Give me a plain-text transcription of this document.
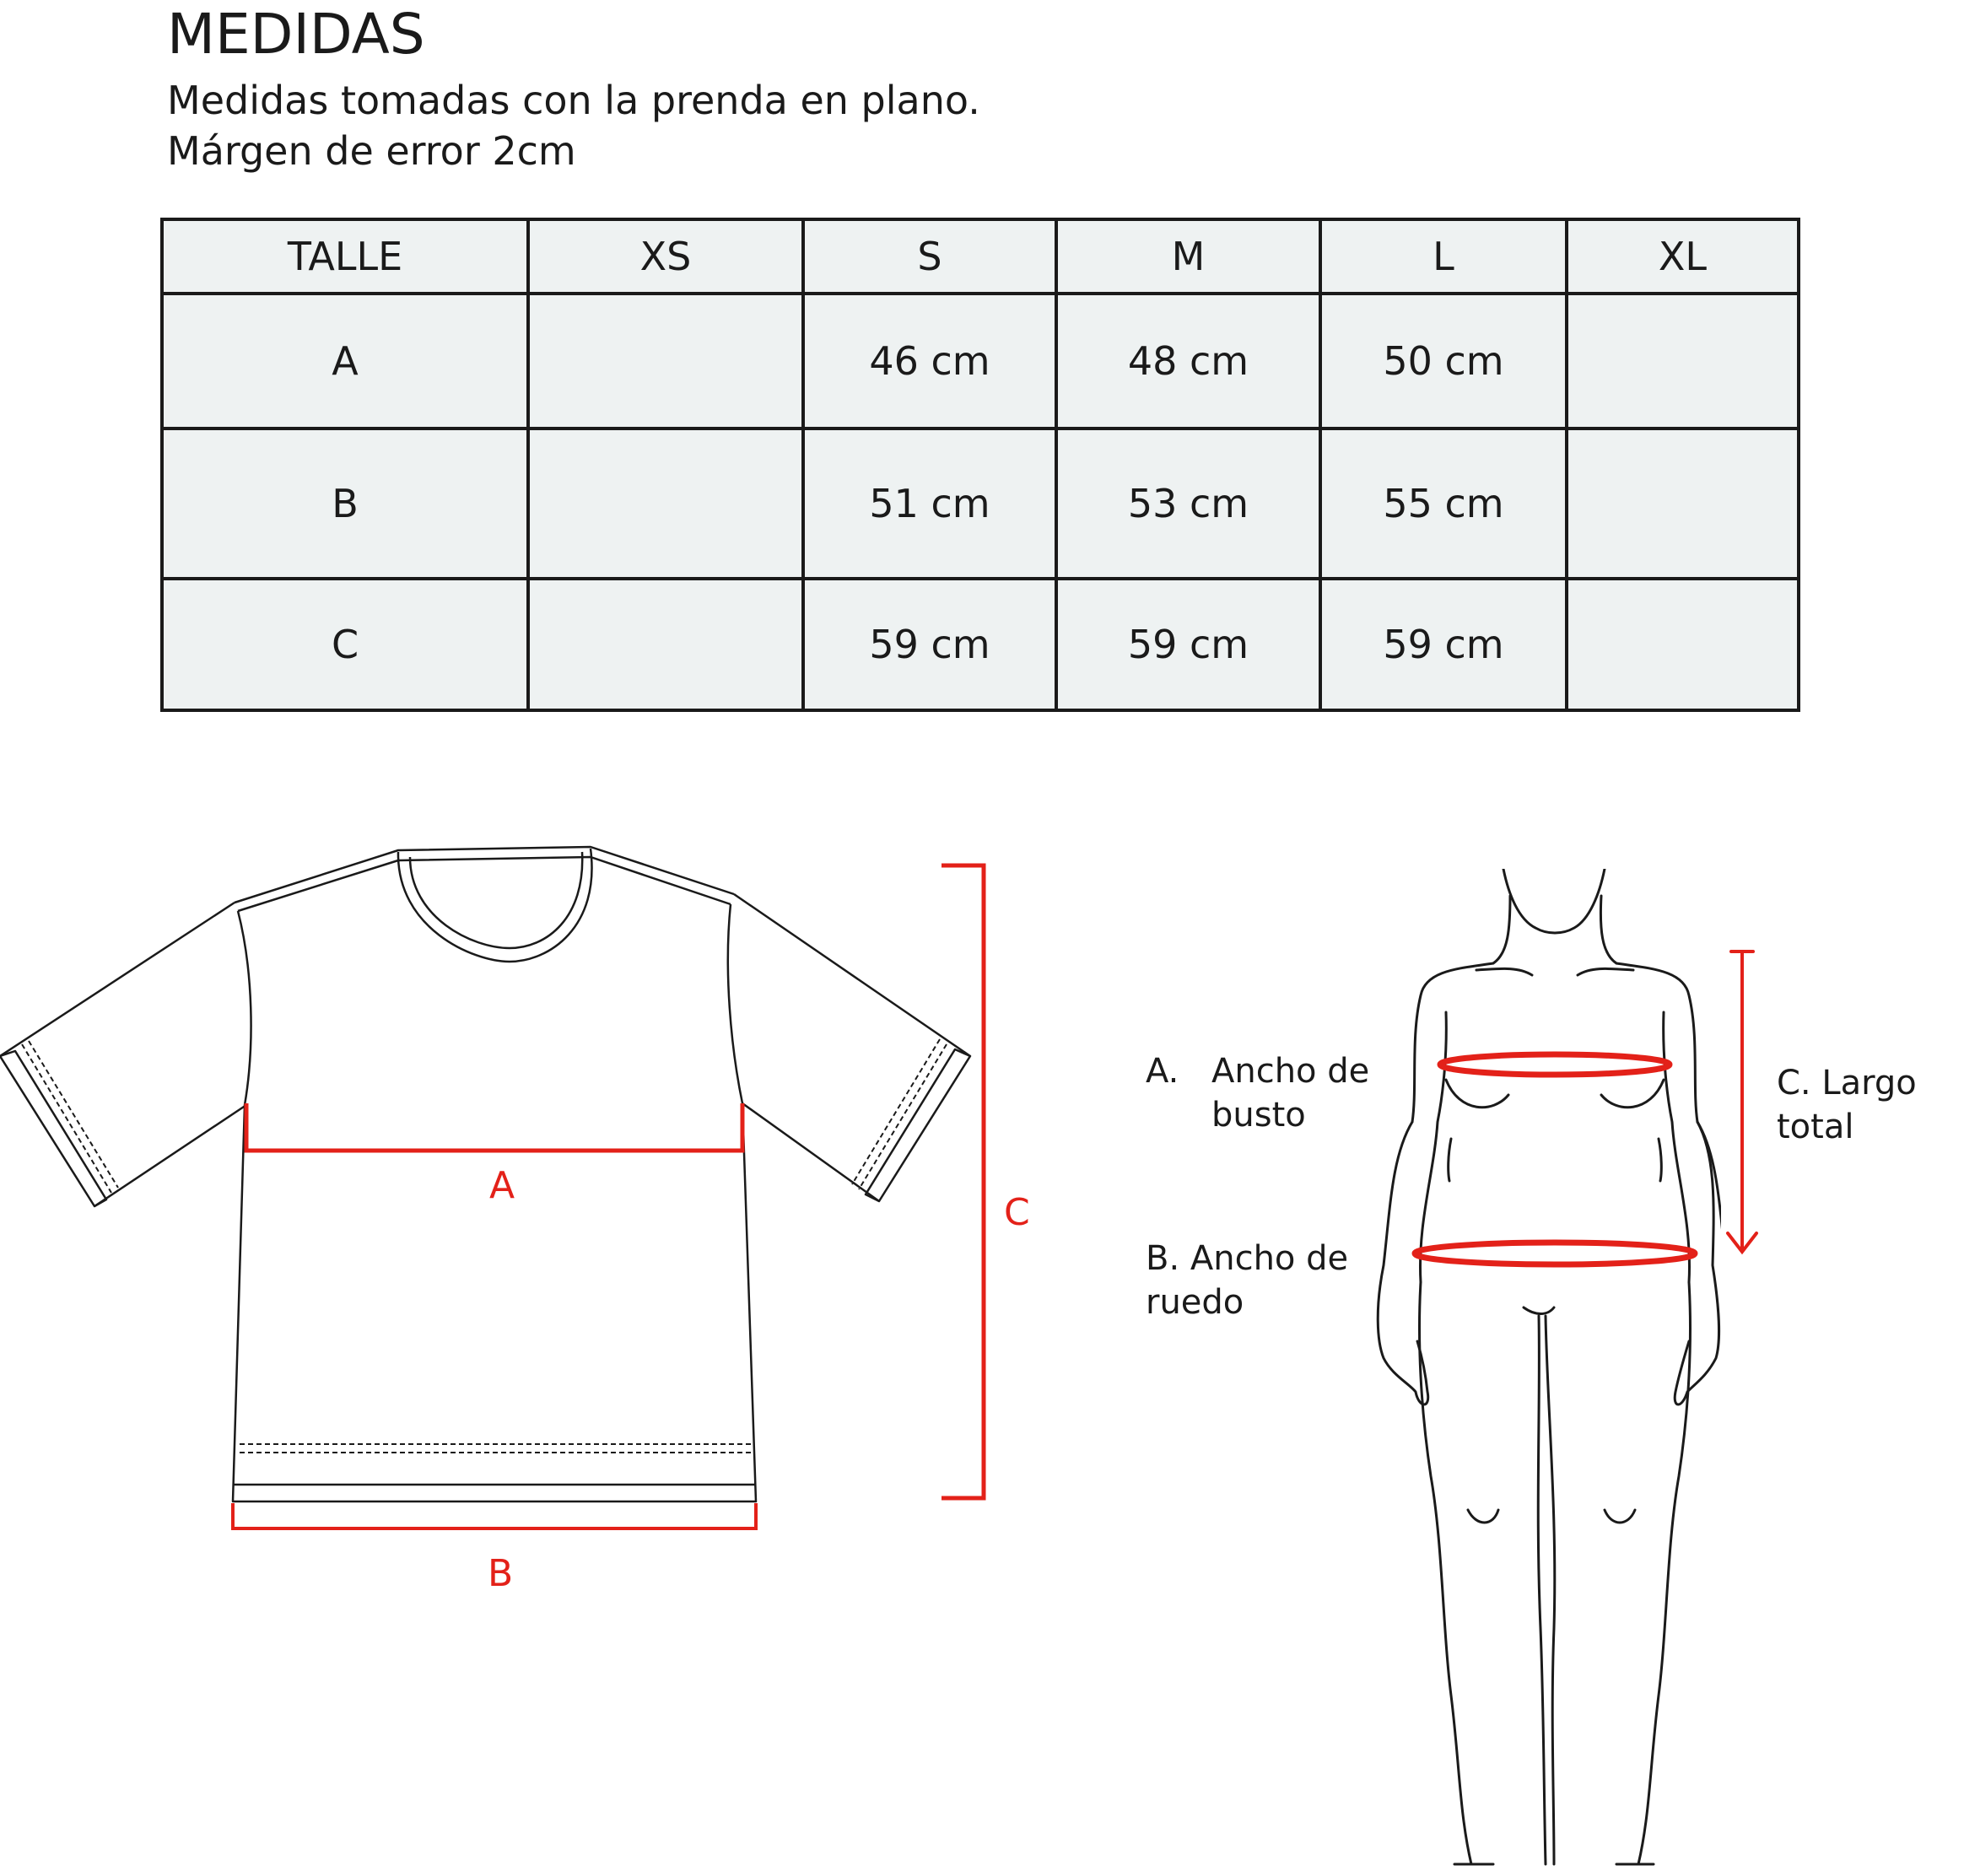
MEDIDAS

Medidas tomadas con la prenda en plano.

Márgen de error 2cm

TALLE	XS	S	M	L	XL
A		46 cm	48 cm	50 cm	
B		51 cm	53 cm	55 cm	
C		59 cm	59 cm	59 cm	
A
B
C
A. Ancho de
busto
B. Ancho de
ruedo
C. Largo
total
